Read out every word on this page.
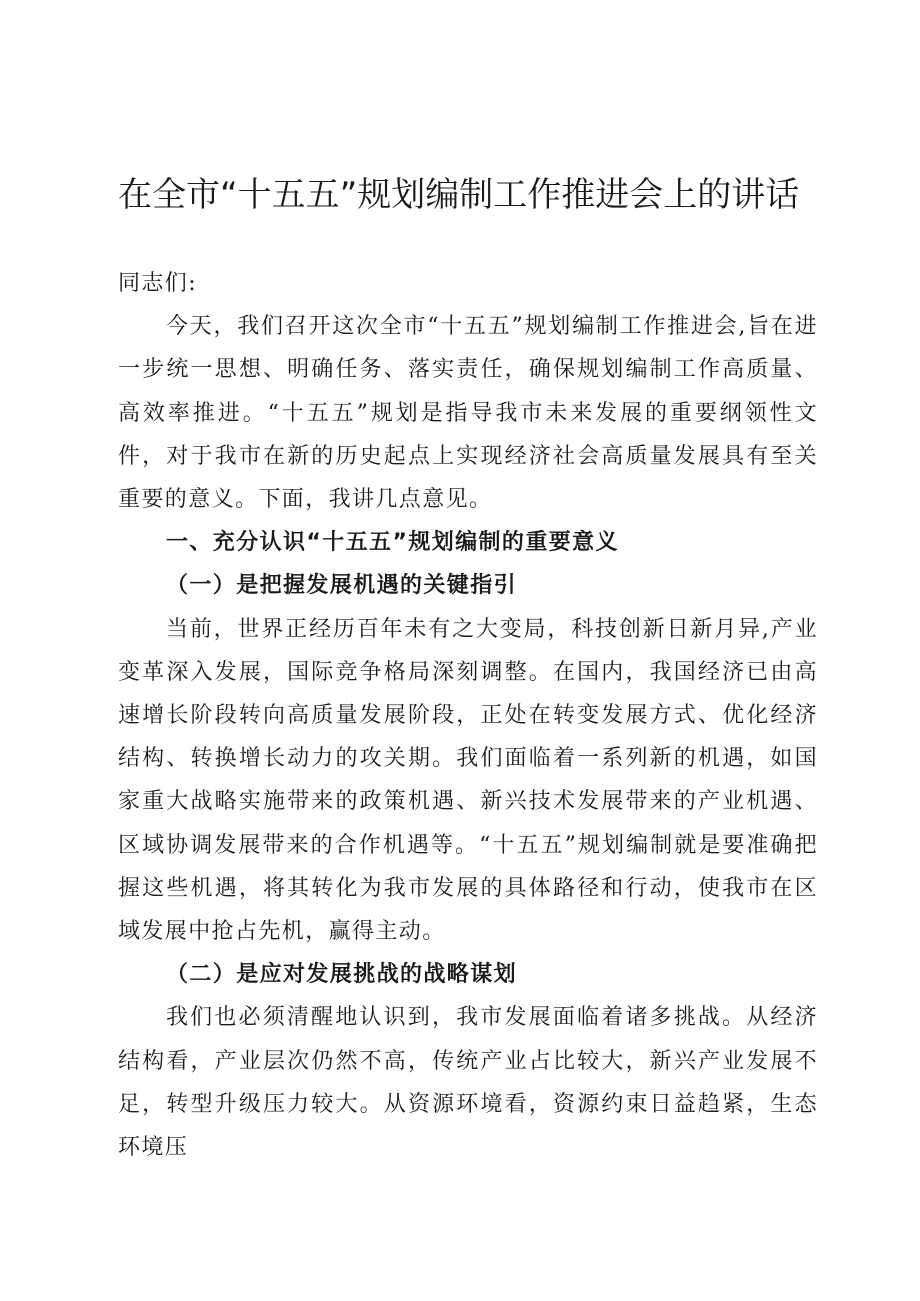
在全市“十五五”规划编制工作推进会上的讲话

同志们:

今天，我们召开这次全市“十五五”规划编制工作推进会,旨在进一步统一思想、明确任务、落实责任，确保规划编制工作高质量、高效率推进。“十五五”规划是指导我市未来发展的重要纲领性文件，对于我市在新的历史起点上实现经济社会高质量发展具有至关重要的意义。下面，我讲几点意见。

一、充分认识“十五五”规划编制的重要意义

（一）是把握发展机遇的关键指引

当前，世界正经历百年未有之大变局，科技创新日新月异,产业变革深入发展，国际竞争格局深刻调整。在国内，我国经济已由高速增长阶段转向高质量发展阶段，正处在转变发展方式、优化经济结构、转换增长动力的攻关期。我们面临着一系列新的机遇，如国家重大战略实施带来的政策机遇、新兴技术发展带来的产业机遇、区域协调发展带来的合作机遇等。“十五五”规划编制就是要准确把握这些机遇，将其转化为我市发展的具体路径和行动，使我市在区域发展中抢占先机，赢得主动。

（二）是应对发展挑战的战略谋划

我们也必须清醒地认识到，我市发展面临着诸多挑战。从经济结构看，产业层次仍然不高，传统产业占比较大，新兴产业发展不足，转型升级压力较大。从资源环境看，资源约束日益趋紧，生态环境压
